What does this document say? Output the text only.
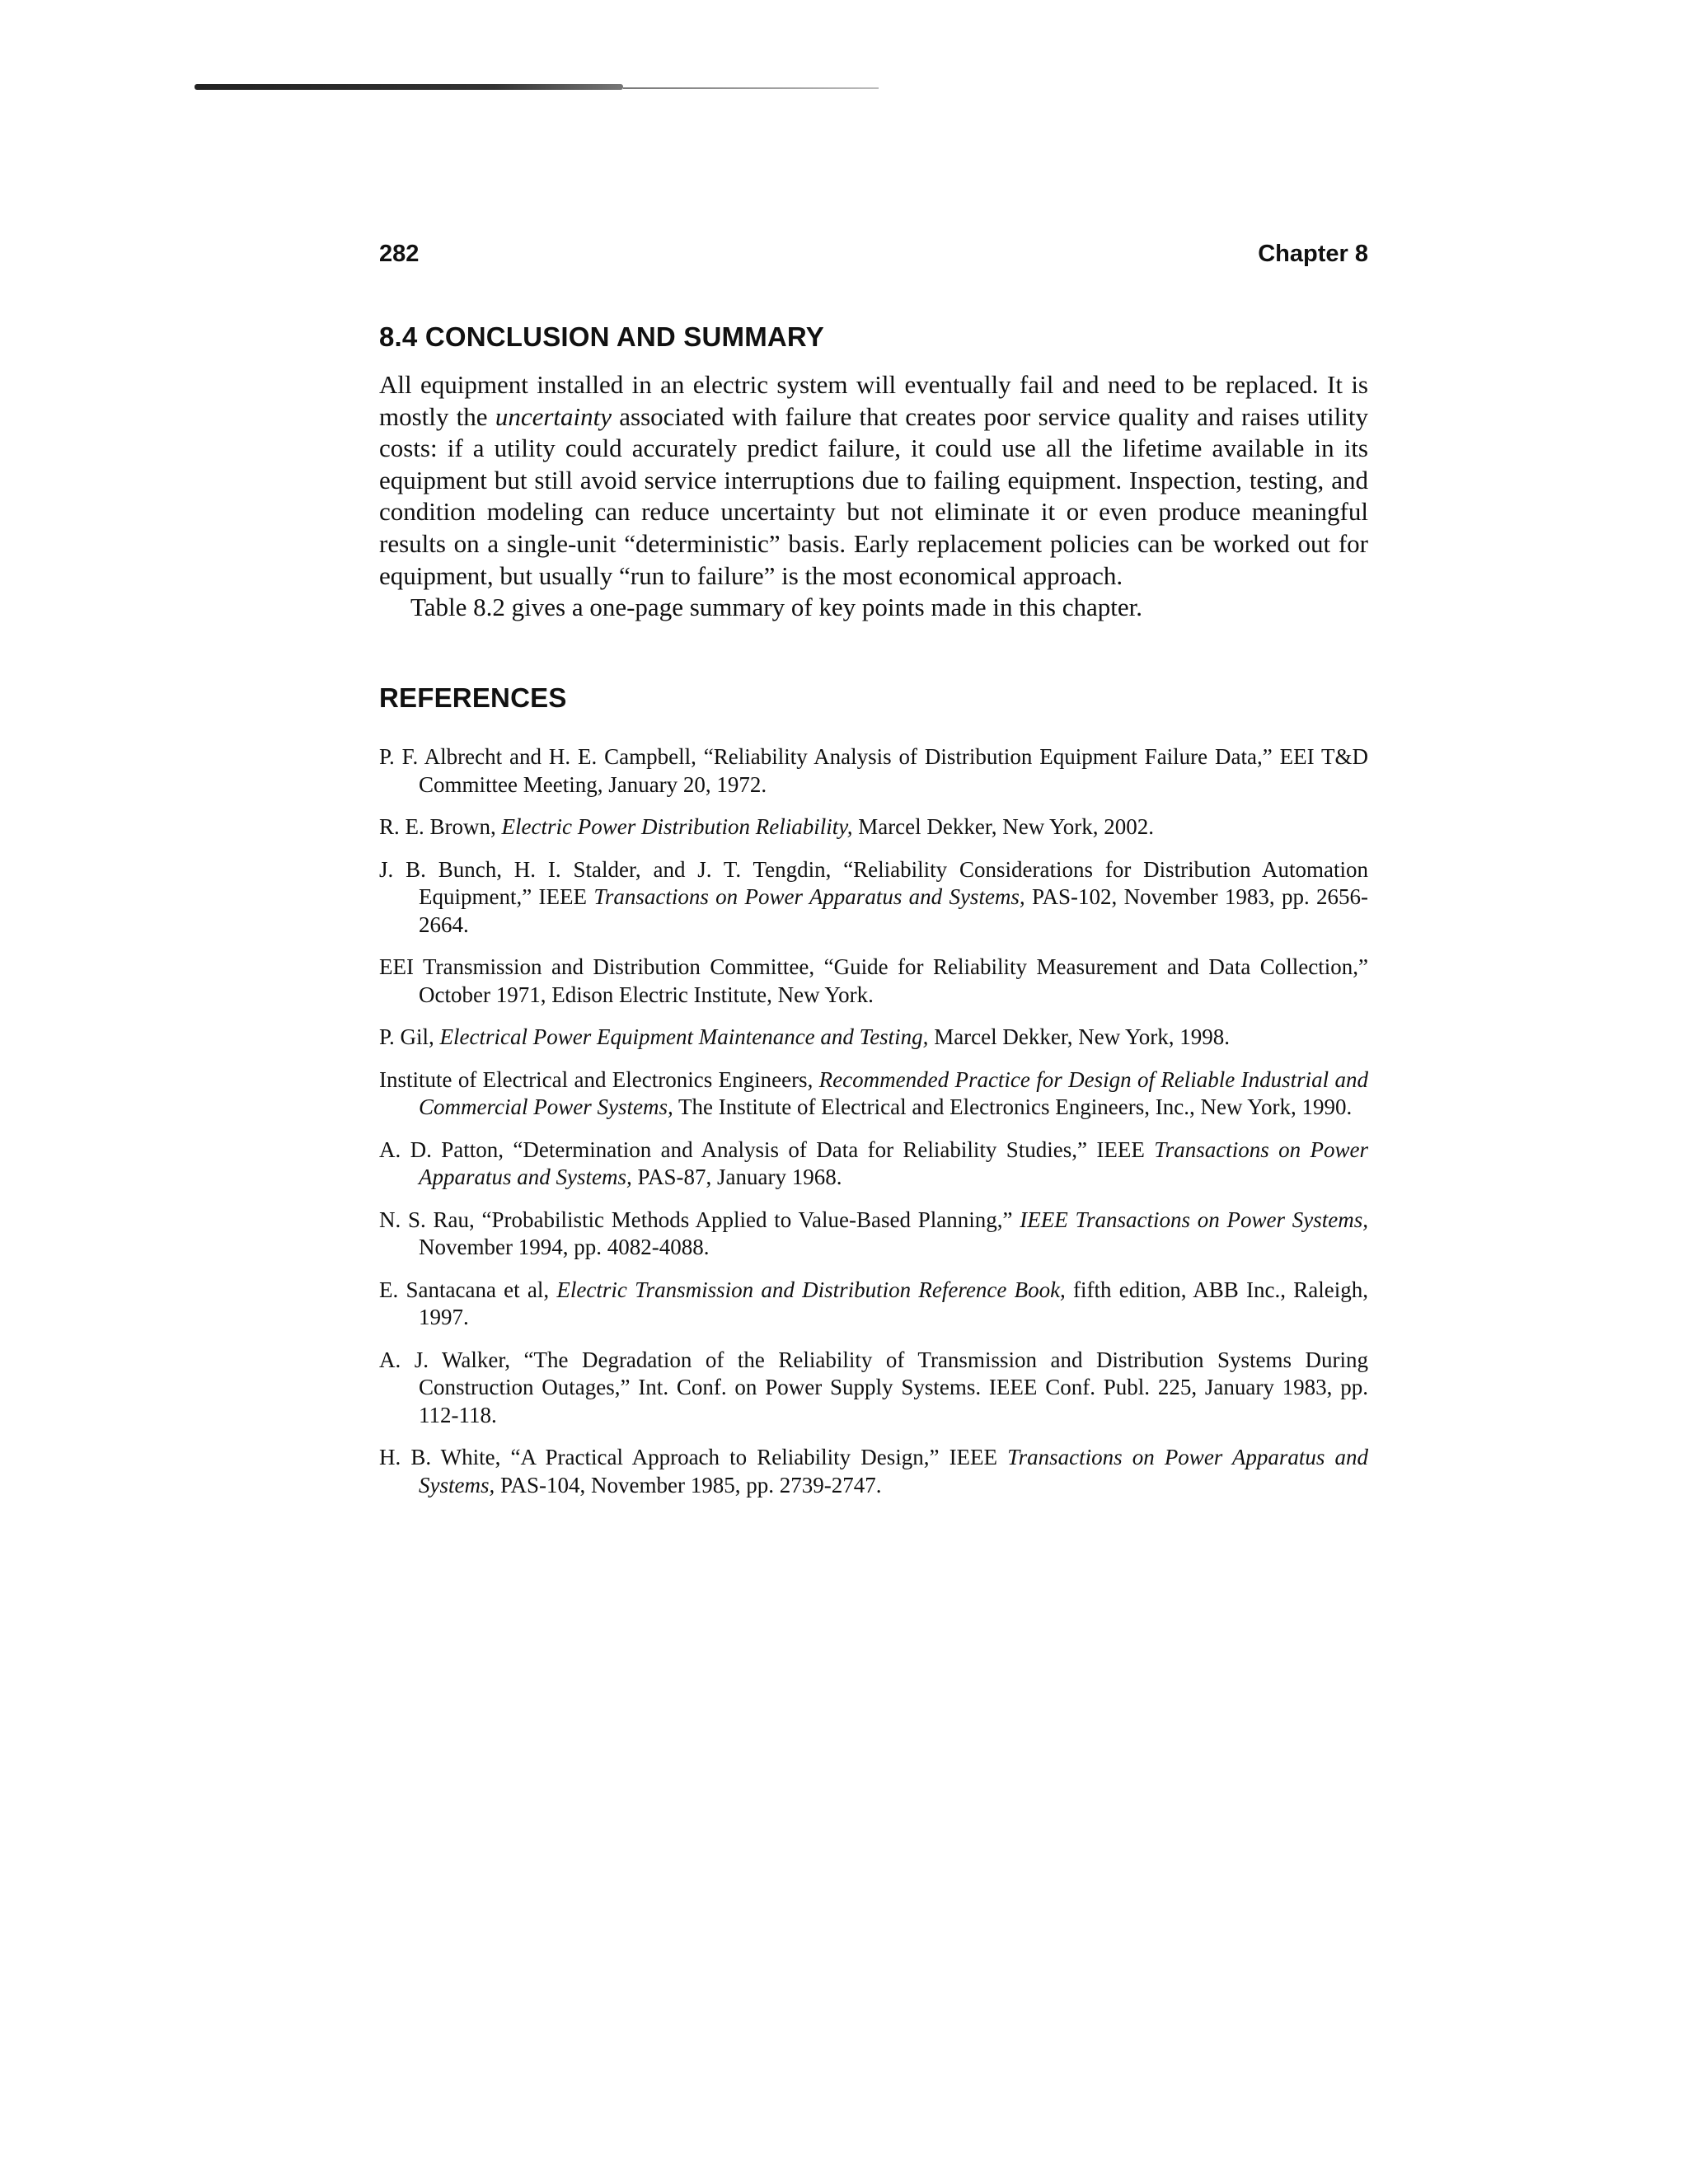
282	Chapter 8
8.4 CONCLUSION AND SUMMARY

All equipment installed in an electric system will eventually fail and need to be replaced. It is mostly the uncertainty associated with failure that creates poor service quality and raises utility costs: if a utility could accurately predict failure, it could use all the lifetime available in its equipment but still avoid service interruptions due to failing equipment. Inspection, testing, and condition modeling can reduce uncertainty but not eliminate it or even produce meaningful results on a single-unit “deterministic” basis. Early replacement policies can be worked out for equipment, but usually “run to failure” is the most economical approach.

Table 8.2 gives a one-page summary of key points made in this chapter.

REFERENCES

P. F. Albrecht and H. E. Campbell, “Reliability Analysis of Distribution Equipment Failure Data,” EEI T&D Committee Meeting, January 20, 1972.

R. E. Brown, Electric Power Distribution Reliability, Marcel Dekker, New York, 2002.

J. B. Bunch, H. I. Stalder, and J. T. Tengdin, “Reliability Considerations for Distribution Automation Equipment,” IEEE Transactions on Power Apparatus and Systems, PAS-102, November 1983, pp. 2656-2664.

EEI Transmission and Distribution Committee, “Guide for Reliability Measurement and Data Collection,” October 1971, Edison Electric Institute, New York.

P. Gil, Electrical Power Equipment Maintenance and Testing, Marcel Dekker, New York, 1998.

Institute of Electrical and Electronics Engineers, Recommended Practice for Design of Reliable Industrial and Commercial Power Systems, The Institute of Electrical and Electronics Engineers, Inc., New York, 1990.

A. D. Patton, “Determination and Analysis of Data for Reliability Studies,” IEEE Transactions on Power Apparatus and Systems, PAS-87, January 1968.

N. S. Rau, “Probabilistic Methods Applied to Value-Based Planning,” IEEE Transactions on Power Systems, November 1994, pp. 4082-4088.

E. Santacana et al, Electric Transmission and Distribution Reference Book, fifth edition, ABB Inc., Raleigh, 1997.

A. J. Walker, “The Degradation of the Reliability of Transmission and Distribution Systems During Construction Outages,” Int. Conf. on Power Supply Systems. IEEE Conf. Publ. 225, January 1983, pp. 112-118.

H. B. White, “A Practical Approach to Reliability Design,” IEEE Transactions on Power Apparatus and Systems, PAS-104, November 1985, pp. 2739-2747.
